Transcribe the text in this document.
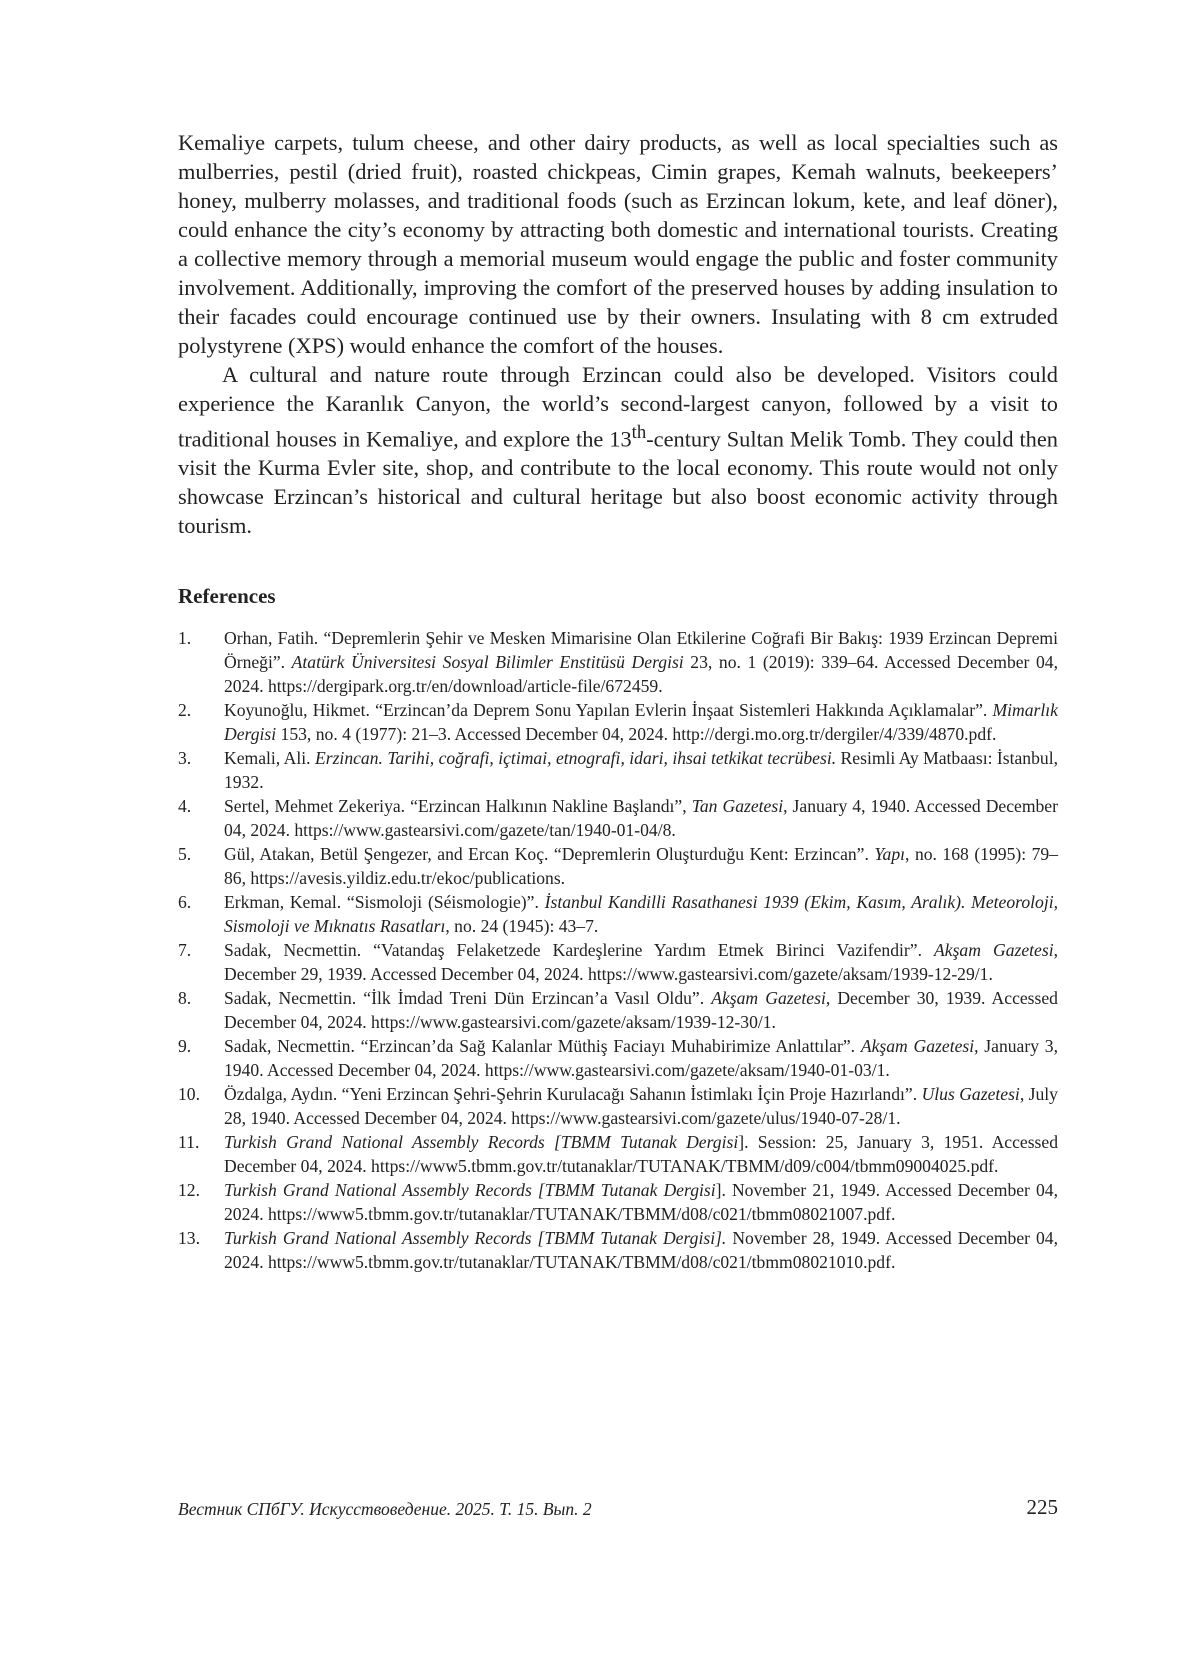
Kemaliye carpets, tulum cheese, and other dairy products, as well as local specialties such as mulberries, pestil (dried fruit), roasted chickpeas, Cimin grapes, Kemah walnuts, beekeepers’ honey, mulberry molasses, and traditional foods (such as Erzincan lokum, kete, and leaf döner), could enhance the city’s economy by attracting both domestic and international tourists. Creating a collective memory through a memorial museum would engage the public and foster community involvement. Additionally, improving the comfort of the preserved houses by adding insulation to their facades could encourage continued use by their owners. Insulating with 8 cm extruded polystyrene (XPS) would enhance the comfort of the houses.

A cultural and nature route through Erzincan could also be developed. Visitors could experience the Karanlık Canyon, the world’s second-largest canyon, followed by a visit to traditional houses in Kemaliye, and explore the 13th-century Sultan Melik Tomb. They could then visit the Kurma Evler site, shop, and contribute to the local economy. This route would not only showcase Erzincan’s historical and cultural heritage but also boost economic activity through tourism.

References
1. Orhan, Fatih. “Depremlerin Şehir ve Mesken Mimarisine Olan Etkilerine Coğrafi Bir Bakış: 1939 Erzincan Depremi Örneği”. Atatürk Üniversitesi Sosyal Bilimler Enstitüsü Dergisi 23, no. 1 (2019): 339–64. Accessed December 04, 2024. https://dergipark.org.tr/en/download/article-file/672459.
2. Koyunoğlu, Hikmet. “Erzincan’da Deprem Sonu Yapılan Evlerin İnşaat Sistemleri Hakkında Açıklamalar”. Mimarlık Dergisi 153, no. 4 (1977): 21–3. Accessed December 04, 2024. http://dergi.mo.org.tr/dergiler/4/339/4870.pdf.
3. Kemali, Ali. Erzincan. Tarihi, coğrafi, içtimai, etnografi, idari, ihsai tetkikat tecrübesi. Resimli Ay Matbaası: İstanbul, 1932.
4. Sertel, Mehmet Zekeriya. “Erzincan Halkının Nakline Başlandı”, Tan Gazetesi, January 4, 1940. Accessed December 04, 2024. https://www.gastearsivi.com/gazete/tan/1940-01-04/8.
5. Gül, Atakan, Betül Şengezer, and Ercan Koç. “Depremlerin Oluşturduğu Kent: Erzincan”. Yapı, no. 168 (1995): 79–86, https://avesis.yildiz.edu.tr/ekoc/publications.
6. Erkman, Kemal. “Sismoloji (Séismologie)”. İstanbul Kandilli Rasathanesi 1939 (Ekim, Kasım, Aralık). Meteoroloji, Sismoloji ve Mıknatıs Rasatları, no. 24 (1945): 43–7.
7. Sadak, Necmettin. “Vatandaş Felaketzede Kardeşlerine Yardım Etmek Birinci Vazifendir”. Akşam Gazetesi, December 29, 1939. Accessed December 04, 2024. https://www.gastearsivi.com/gazete/aksam/1939-12-29/1.
8. Sadak, Necmettin. “İlk İmdad Treni Dün Erzincan’a Vasıl Oldu”. Akşam Gazetesi, December 30, 1939. Accessed December 04, 2024. https://www.gastearsivi.com/gazete/aksam/1939-12-30/1.
9. Sadak, Necmettin. “Erzincan’da Sağ Kalanlar Müthiş Faciayı Muhabirimize Anlattılar”. Akşam Gazetesi, January 3, 1940. Accessed December 04, 2024. https://www.gastearsivi.com/gazete/aksam/1940-01-03/1.
10. Özdalga, Aydın. “Yeni Erzincan Şehri-Şehrin Kurulacağı Sahanın İstimlakı İçin Proje Hazırlandı”. Ulus Gazetesi, July 28, 1940. Accessed December 04, 2024. https://www.gastearsivi.com/gazete/ulus/1940-07-28/1.
11. Turkish Grand National Assembly Records [TBMM Tutanak Dergisi]. Session: 25, January 3, 1951. Accessed December 04, 2024. https://www5.tbmm.gov.tr/tutanaklar/TUTANAK/TBMM/d09/c004/tbmm09004025.pdf.
12. Turkish Grand National Assembly Records [TBMM Tutanak Dergisi]. November 21, 1949. Accessed December 04, 2024. https://www5.tbmm.gov.tr/tutanaklar/TUTANAK/TBMM/d08/c021/tbmm08021007.pdf.
13. Turkish Grand National Assembly Records [TBMM Tutanak Dergisi]. November 28, 1949. Accessed December 04, 2024. https://www5.tbmm.gov.tr/tutanaklar/TUTANAK/TBMM/d08/c021/tbmm08021010.pdf.
Вестник СПбГУ. Искусствоведение. 2025. Т. 15. Вып. 2	225
